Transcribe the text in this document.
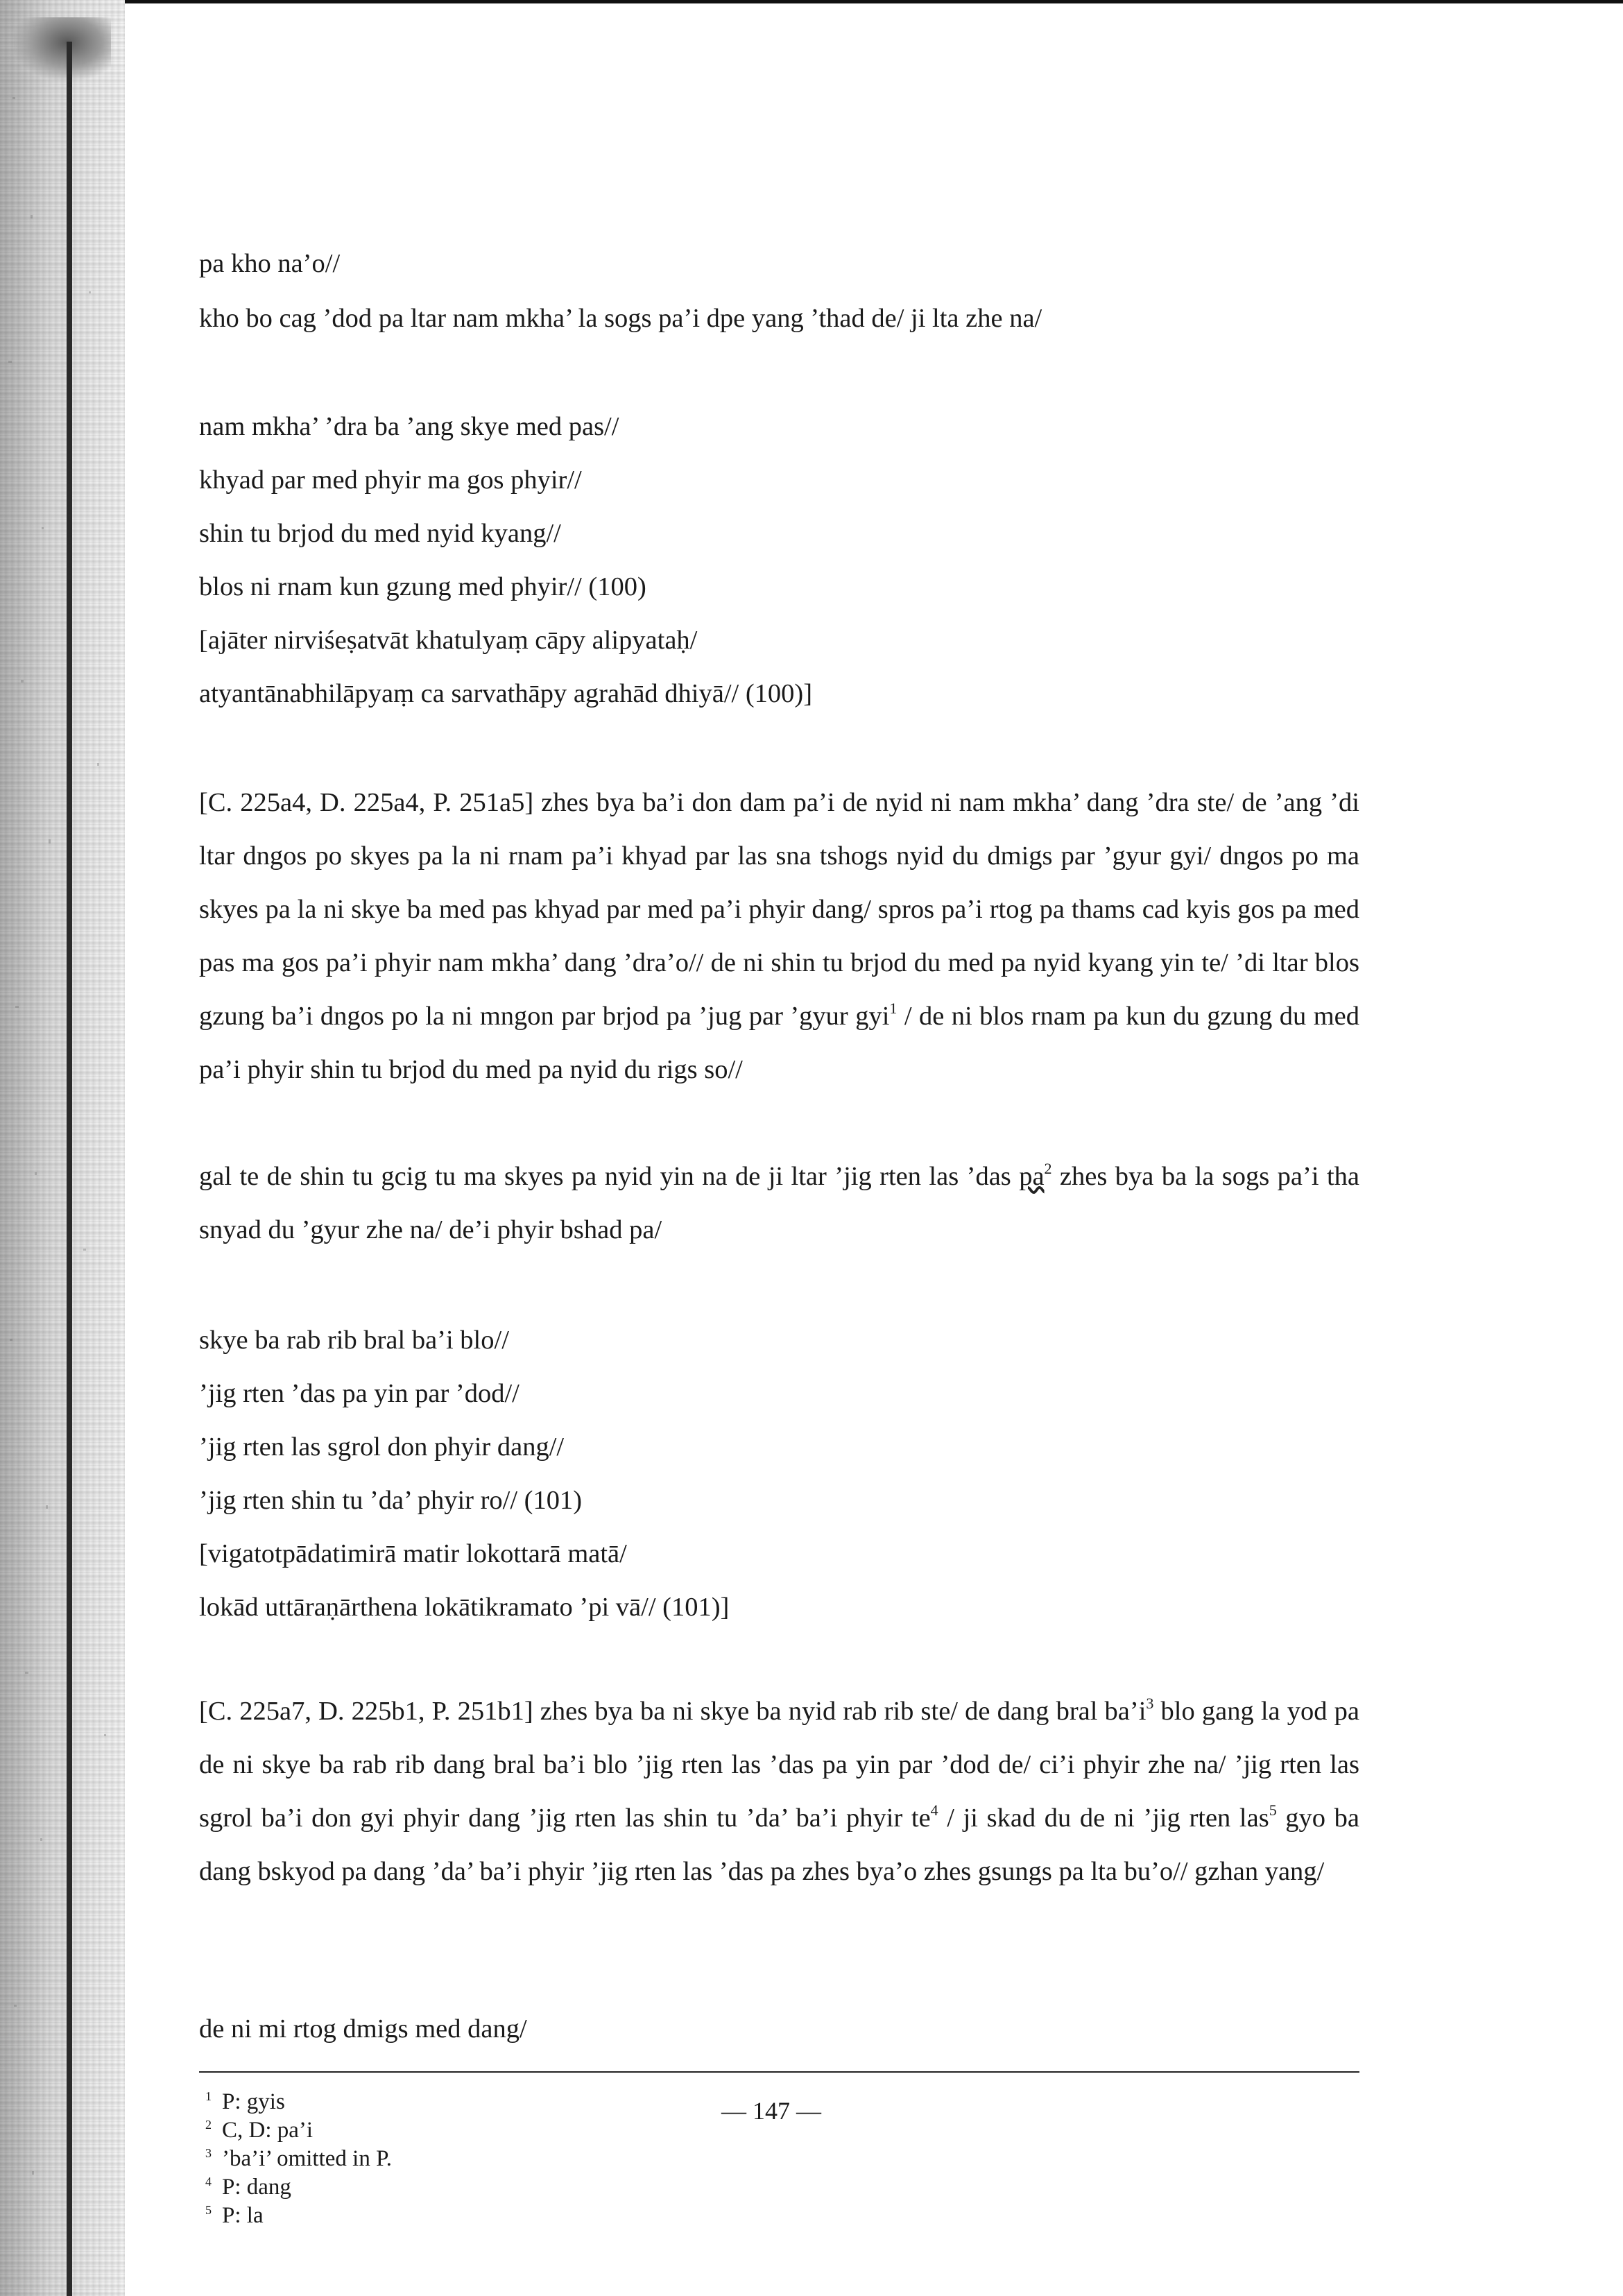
pa kho na’o//
kho bo cag ’dod pa ltar nam mkha’ la sogs pa’i dpe yang ’thad de/ ji lta zhe na/
nam mkha’ ’dra ba ’ang skye med pas//
khyad par med phyir ma gos phyir//
shin tu brjod du med nyid kyang//
blos ni rnam kun gzung med phyir// (100)
[ajāter nirviśeṣatvāt khatulyaṃ cāpy alipyataḥ/
atyantānabhilāpyaṃ ca sarvathāpy agrahād dhiyā// (100)]
[C. 225a4, D. 225a4, P. 251a5] zhes bya ba’i don dam pa’i de nyid ni nam mkha’ dang ’dra ste/ de ’ang ’di ltar dngos po skyes pa la ni rnam pa’i khyad par las sna tshogs nyid du dmigs par ’gyur gyi/ dngos po ma skyes pa la ni skye ba med pas khyad par med pa’i phyir dang/ spros pa’i rtog pa thams cad kyis gos pa med pas ma gos pa’i phyir nam mkha’ dang ’dra’o// de ni shin tu brjod du med pa nyid kyang yin te/ ’di ltar blos gzung ba’i dngos po la ni mngon par brjod pa ’jug par ’gyur gyi$^1$ / de ni blos rnam pa kun du gzung du med pa’i phyir shin tu brjod du med pa nyid du rigs so//
gal te de shin tu gcig tu ma skyes pa nyid yin na de ji ltar ’jig rten las ’das $pa^2$ zhes bya ba la sogs pa’i tha snyad du ’gyur zhe na/ de’i phyir bshad pa/
skye ba rab rib bral ba’i blo//
’jig rten ’das pa yin par ’dod//
’jig rten las sgrol don phyir dang//
’jig rten shin tu ’da’ phyir ro// (101)
[vigatotpādatimirā matir lokottarā matā/
lokād uttāraṇārthena lokātikramato ’pi vā// (101)]
[C. 225a7, D. 225b1, P. 251b1] zhes bya ba ni skye ba nyid rab rib ste/ de dang bral $ba’i^3$ blo gang la yod pa de ni skye ba rab rib dang bral ba’i blo ’jig rten las ’das pa yin par ’dod de/ ci’i phyir zhe na/ ’jig rten las sgrol ba’i don gyi phyir dang ’jig rten las shin tu ’da’ ba’i phyir $te^4$ / ji skad du de ni ’jig rten las$^5$ gyo ba dang bskyod pa dang ’da’ ba’i phyir ’jig rten las ’das pa zhes bya’o zhes gsungs pa lta bu’o// gzhan yang/
de ni mi rtog dmigs med dang/
1 P: gyis
2 C, D: pa’i
3 ’ba’i’ omitted in P.
4 P: dang
5 P: la
— 147 —
